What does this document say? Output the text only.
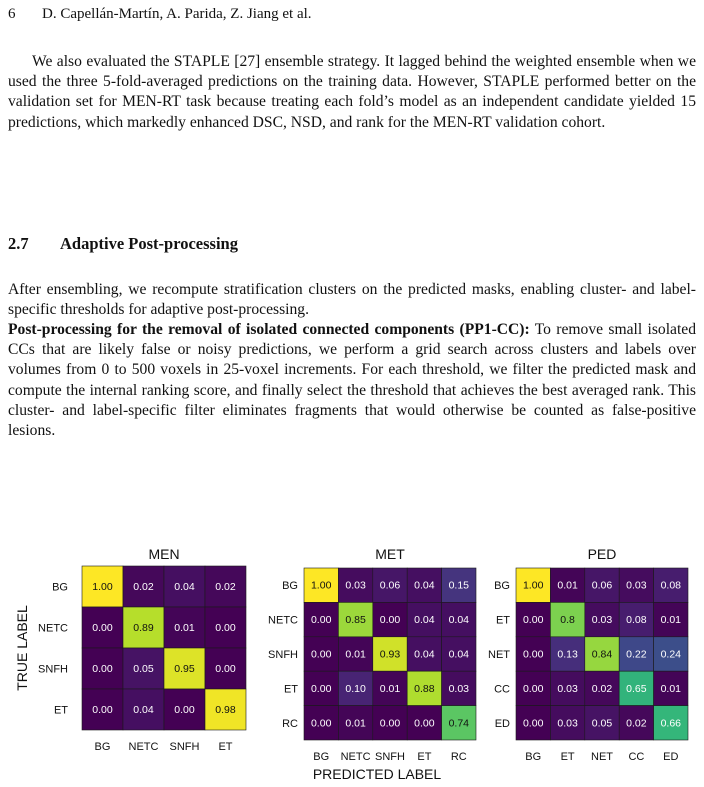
6 D. Capellán-Martín, A. Parida, Z. Jiang et al.
We also evaluated the STAPLE [27] ensemble strategy. It lagged behind the weighted ensemble when we used the three 5-fold-averaged predictions on the training data. However, STAPLE performed better on the validation set for MEN-RT task because treating each fold’s model as an independent candidate yielded 15 predictions, which markedly enhanced DSC, NSD, and rank for the MEN-RT validation cohort.
2.7 Adaptive Post-processing
After ensembling, we recompute stratification clusters on the predicted masks, enabling cluster- and label-specific thresholds for adaptive post-processing.
Post-processing for the removal of isolated connected components (PP1-CC): To remove small isolated CCs that are likely false or noisy predictions, we perform a grid search across clusters and labels over volumes from 0 to 500 voxels in 25-voxel increments. For each threshold, we filter the predicted mask and compute the internal ranking score, and finally select the threshold that achieves the best averaged rank. This cluster- and label-specific filter eliminates fragments that would otherwise be counted as false-positive lesions.
MEN
1.00 0.02 0.04 0.02
BG
0.00 0.89 0.01 0.00
NETC
0.00 0.05 0.95 0.00
SNFH
0.00 0.04 0.00 0.98
ET
BG NETC SNFH ET
MET
1.00 0.03 0.06 0.04 0.15
BG
0.00 0.85 0.00 0.04 0.04
NETC
0.00 0.01 0.93 0.04 0.04
SNFH
0.00 0.10 0.01 0.88 0.03
ET
0.00 0.01 0.00 0.00 0.74
RC
BG NETC SNFH ET RC
PED
1.00 0.01 0.06 0.03 0.08
BG
0.00 0.8 0.03 0.08 0.01
ET
0.00 0.13 0.84 0.22 0.24
NET
0.00 0.03 0.02 0.65 0.01
CC
0.00 0.03 0.05 0.02 0.66
ED
BG ET NET CC ED
PREDICTED LABEL
TRUE LABEL
